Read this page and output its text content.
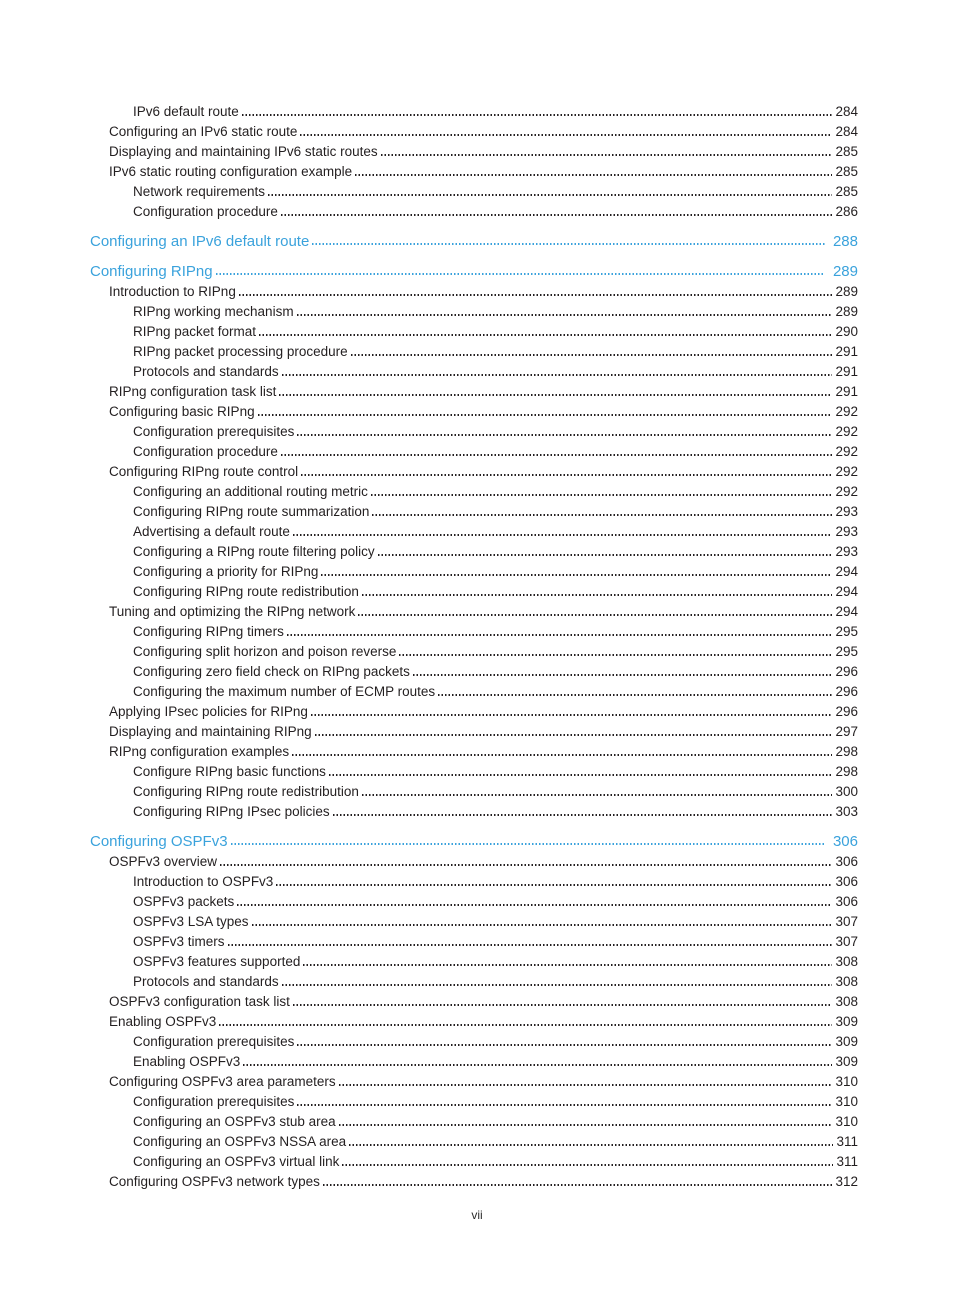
IPv6 default route	284
Configuring an IPv6 static route	284
Displaying and maintaining IPv6 static routes	285
IPv6 static routing configuration example	285
Network requirements	285
Configuration procedure	286
Configuring an IPv6 default route	288
Configuring RIPng	289
Introduction to RIPng	289
RIPng working mechanism	289
RIPng packet format	290
RIPng packet processing procedure	291
Protocols and standards	291
RIPng configuration task list	291
Configuring basic RIPng	292
Configuration prerequisites	292
Configuration procedure	292
Configuring RIPng route control	292
Configuring an additional routing metric	292
Configuring RIPng route summarization	293
Advertising a default route	293
Configuring a RIPng route filtering policy	293
Configuring a priority for RIPng	294
Configuring RIPng route redistribution	294
Tuning and optimizing the RIPng network	294
Configuring RIPng timers	295
Configuring split horizon and poison reverse	295
Configuring zero field check on RIPng packets	296
Configuring the maximum number of ECMP routes	296
Applying IPsec policies for RIPng	296
Displaying and maintaining RIPng	297
RIPng configuration examples	298
Configure RIPng basic functions	298
Configuring RIPng route redistribution	300
Configuring RIPng IPsec policies	303
Configuring OSPFv3	306
OSPFv3 overview	306
Introduction to OSPFv3	306
OSPFv3 packets	306
OSPFv3 LSA types	307
OSPFv3 timers	307
OSPFv3 features supported	308
Protocols and standards	308
OSPFv3 configuration task list	308
Enabling OSPFv3	309
Configuration prerequisites	309
Enabling OSPFv3	309
Configuring OSPFv3 area parameters	310
Configuration prerequisites	310
Configuring an OSPFv3 stub area	310
Configuring an OSPFv3 NSSA area	311
Configuring an OSPFv3 virtual link	311
Configuring OSPFv3 network types	312
vii
